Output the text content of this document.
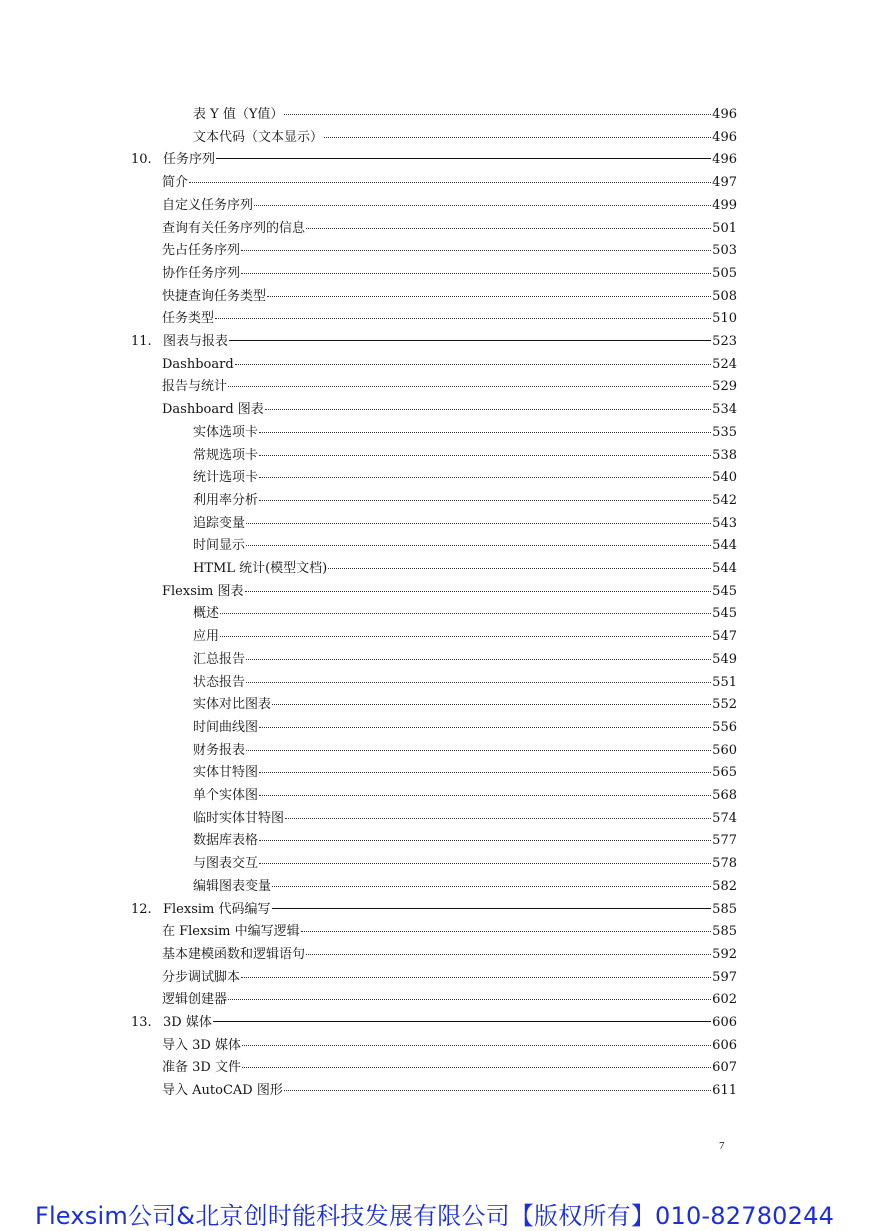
表 Y 值（Y值）	496
文本代码（文本显示）	496
10. 任务序列	496
简介	497
自定义任务序列	499
查询有关任务序列的信息	501
先占任务序列	503
协作任务序列	505
快捷查询任务类型	508
任务类型	510
11. 图表与报表	523
Dashboard	524
报告与统计	529
Dashboard 图表	534
实体选项卡	535
常规选项卡	538
统计选项卡	540
利用率分析	542
追踪变量	543
时间显示	544
HTML 统计(模型文档)	544
Flexsim 图表	545
概述	545
应用	547
汇总报告	549
状态报告	551
实体对比图表	552
时间曲线图	556
财务报表	560
实体甘特图	565
单个实体图	568
临时实体甘特图	574
数据库表格	577
与图表交互	578
编辑图表变量	582
12. Flexsim 代码编写	585
在 Flexsim 中编写逻辑	585
基本建模函数和逻辑语句	592
分步调试脚本	597
逻辑创建器	602
13. 3D 媒体	606
导入 3D 媒体	606
准备 3D 文件	607
导入 AutoCAD 图形	611
7
Flexsim公司&北京创时能科技发展有限公司【版权所有】010-82780244
